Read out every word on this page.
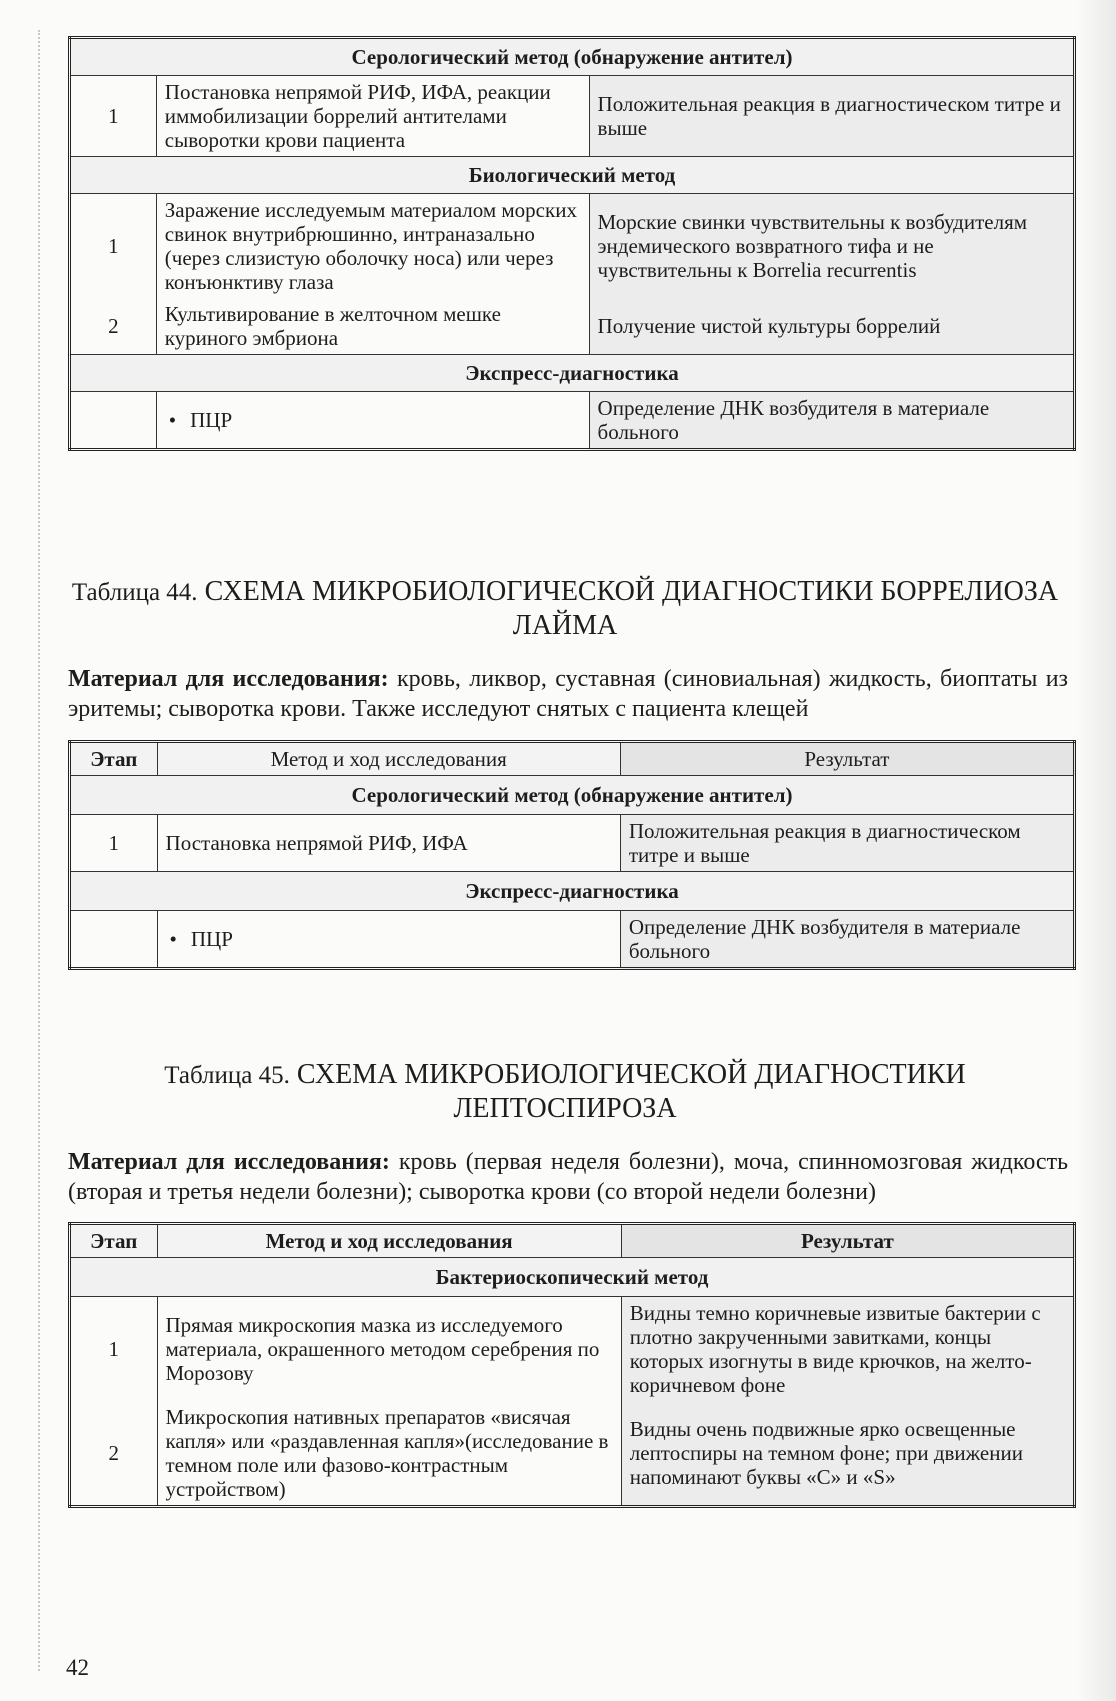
Серологический метод (обнаружение антител)		
1	Постановка непрямой РИФ, ИФА, реакции иммобилизации боррелий антителами сыворотки крови пациента	Положительная реакция в диагностическом титре и выше
Биологический метод		
1	Заражение исследуемым материалом морских свинок внутрибрюшинно, интраназально (через слизистую оболочку носа) или через конъюнктиву глаза	Морские свинки чувствительны к возбудителям эндемического возвратного тифа и не чувствительны к Borrelia recurrentis
2	Культивирование в желточном мешке куриного эмбриона	Получение чистой культуры боррелий
Экспресс-диагностика		
	• ПЦР	Определение ДНК возбудителя в материале больного
Таблица 44. СХЕМА МИКРОБИОЛОГИЧЕСКОЙ ДИАГНОСТИКИ БОРРЕЛИОЗА ЛАЙМА
Материал для исследования: кровь, ликвор, суставная (синовиальная) жидкость, биоптаты из эритемы; сыворотка крови. Также исследуют снятых с пациента клещей
Этап	Метод и ход исследования	Результат
Серологический метод (обнаружение антител)		
1	Постановка непрямой РИФ, ИФА	Положительная реакция в диагностическом титре и выше
Экспресс-диагностика		
	• ПЦР	Определение ДНК возбудителя в материале больного
Таблица 45. СХЕМА МИКРОБИОЛОГИЧЕСКОЙ ДИАГНОСТИКИ ЛЕПТОСПИРОЗА
Материал для исследования: кровь (первая неделя болезни), моча, спинномозговая жидкость (вторая и третья недели болезни); сыворотка крови (со второй недели болезни)
Этап	Метод и ход исследования	Результат
Бактериоскопический метод		
1	Прямая микроскопия мазка из исследуемого материала, окрашенного методом серебрения по Морозову	Видны темно коричневые извитые бактерии с плотно закрученными завитками, концы которых изогнуты в виде крючков, на желто-коричневом фоне
2	Микроскопия нативных препаратов «висячая капля» или «раздавленная капля»(исследование в темном поле или фазово-контрастным устройством)	Видны очень подвижные ярко освещенные лептоспиры на темном фоне; при движении напоминают буквы «С» и «S»
42
